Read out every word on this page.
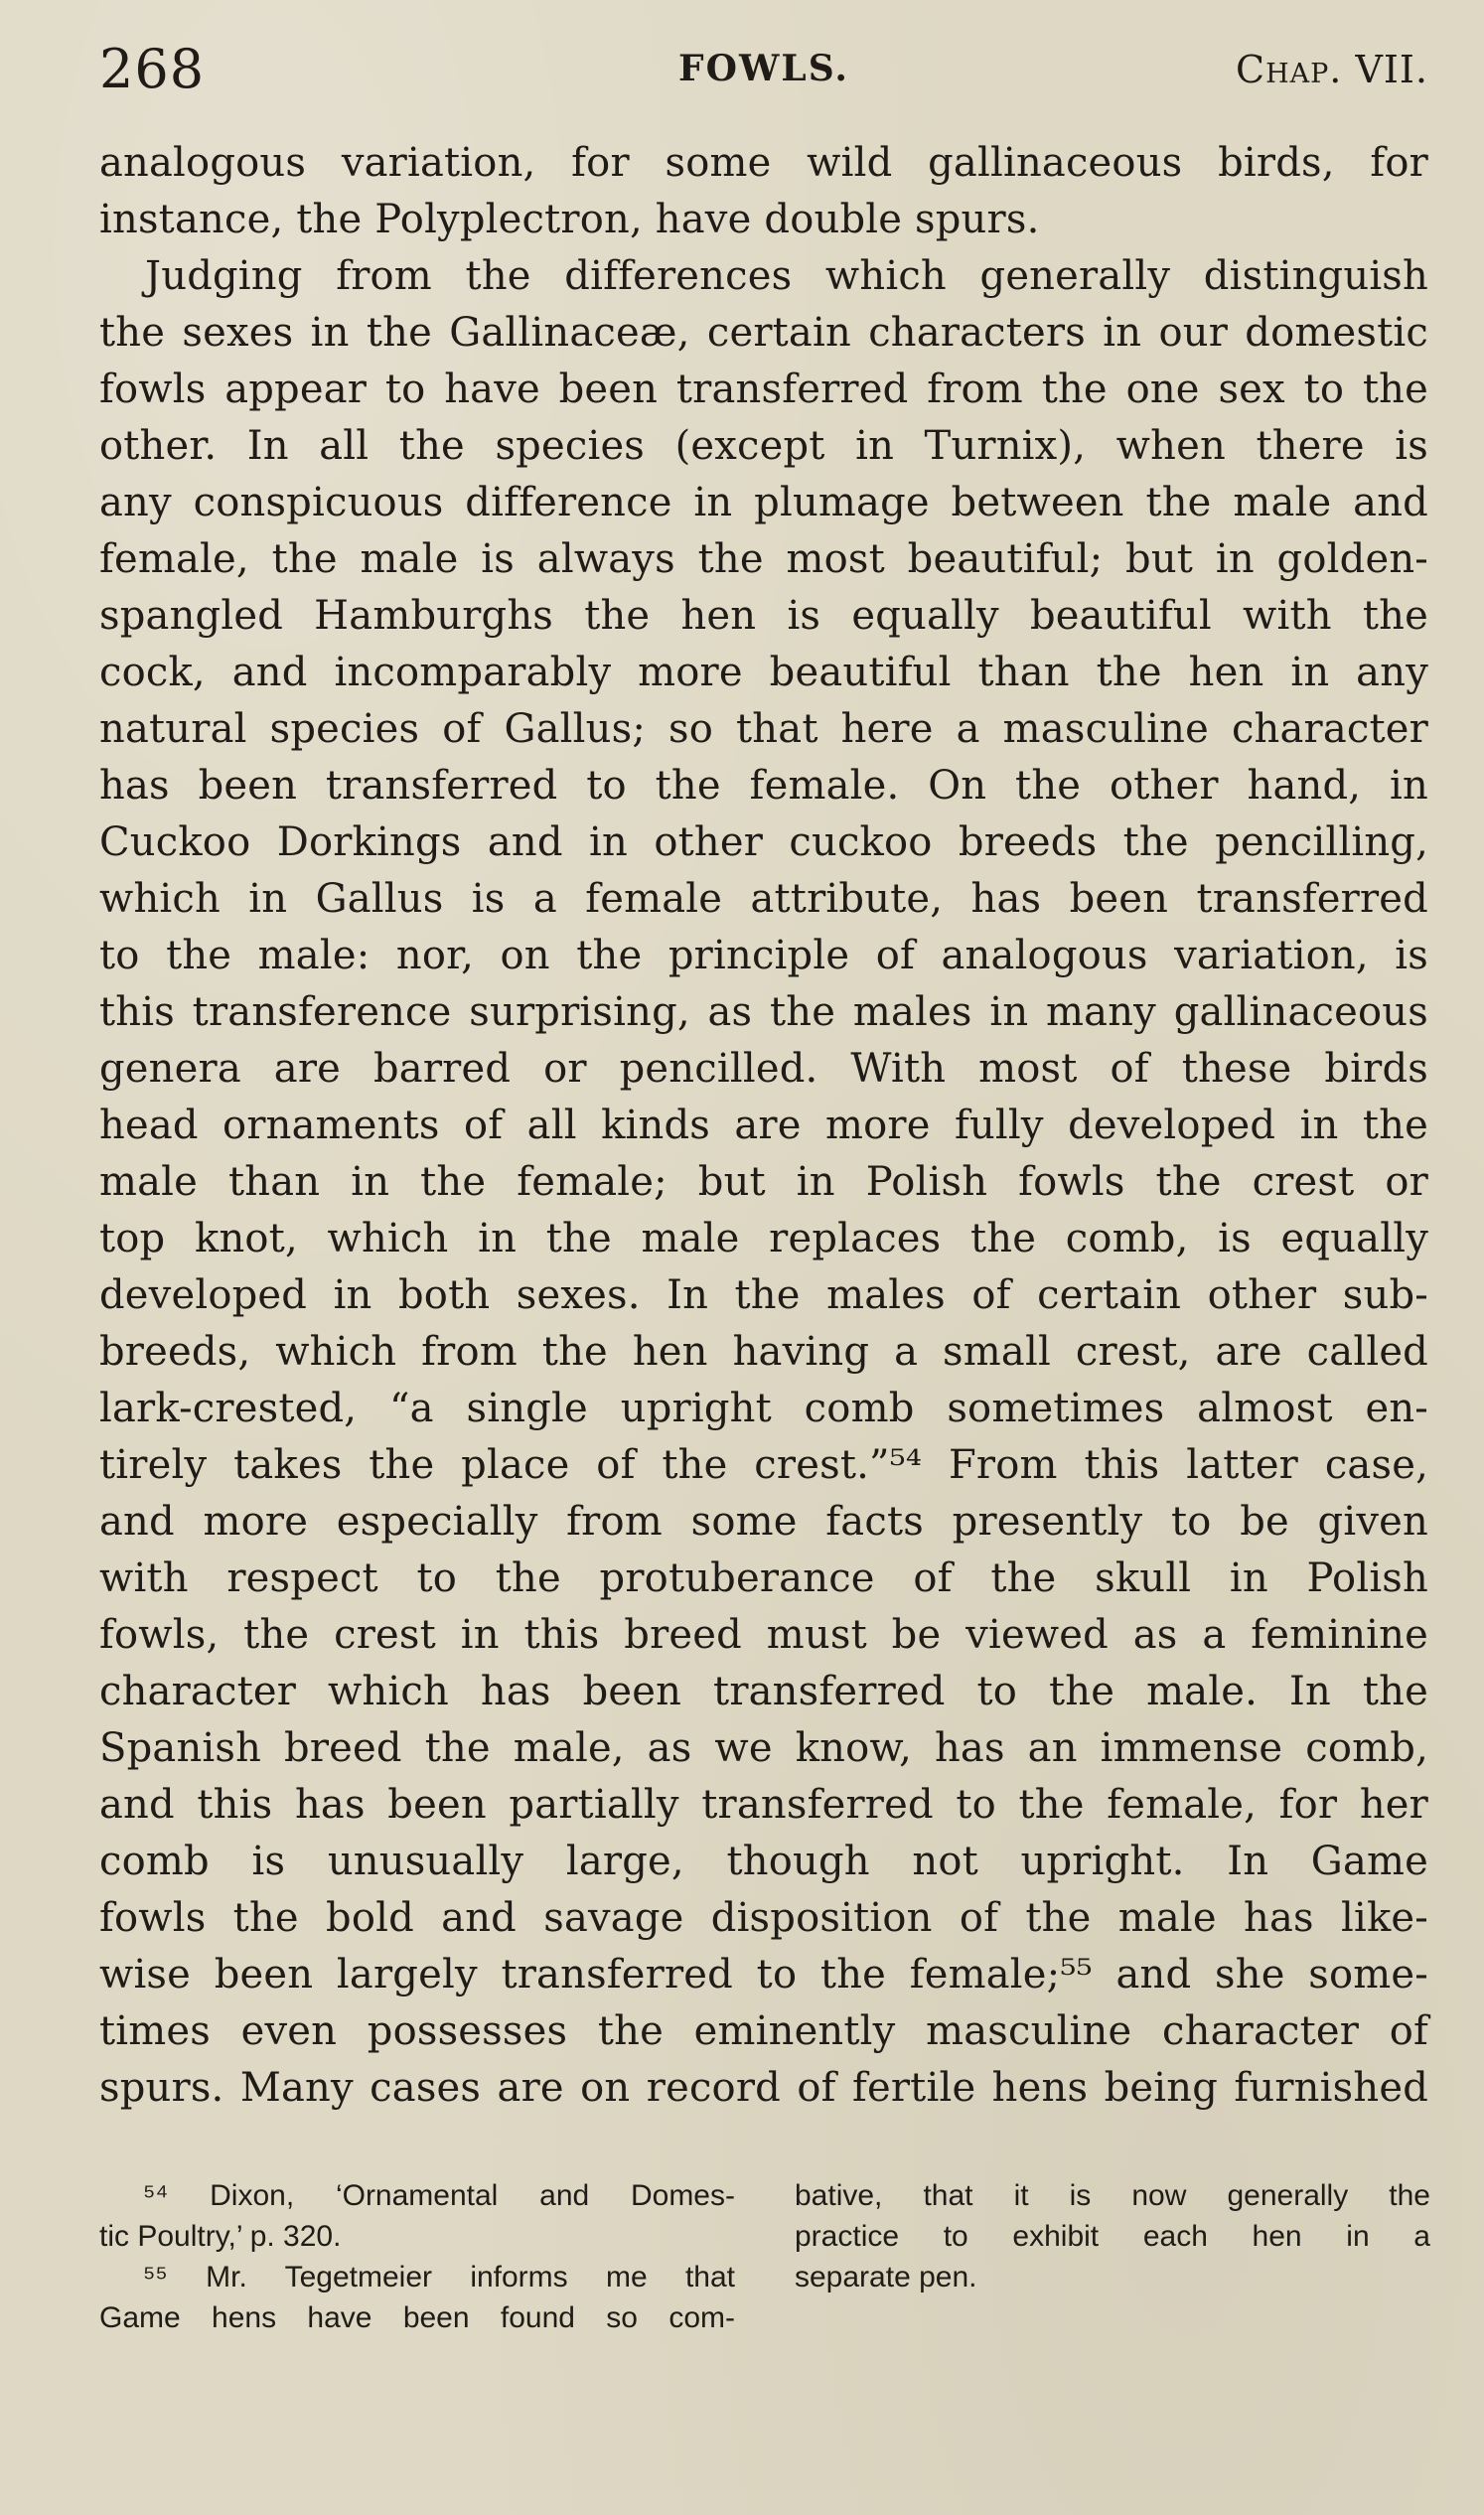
268	FOWLS.	Chap. VII.
analogous variation, for some wild gallinaceous birds, for
instance, the Polyplectron, have double spurs.
Judging from the differences which generally distinguish
the sexes in the Gallinaceæ, certain characters in our domestic
fowls appear to have been transferred from the one sex to the
other. In all the species (except in Turnix), when there is
any conspicuous difference in plumage between the male and
female, the male is always the most beautiful; but in golden-
spangled Hamburghs the hen is equally beautiful with the
cock, and incomparably more beautiful than the hen in any
natural species of Gallus; so that here a masculine character
has been transferred to the female. On the other hand, in
Cuckoo Dorkings and in other cuckoo breeds the pencilling,
which in Gallus is a female attribute, has been transferred
to the male: nor, on the principle of analogous variation, is
this transference surprising, as the males in many gallinaceous
genera are barred or pencilled. With most of these birds
head ornaments of all kinds are more fully developed in the
male than in the female; but in Polish fowls the crest or
top knot, which in the male replaces the comb, is equally
developed in both sexes. In the males of certain other sub-
breeds, which from the hen having a small crest, are called
lark-crested, “a single upright comb sometimes almost en-
tirely takes the place of the crest.”⁵⁴ From this latter case,
and more especially from some facts presently to be given
with respect to the protuberance of the skull in Polish
fowls, the crest in this breed must be viewed as a feminine
character which has been transferred to the male. In the
Spanish breed the male, as we know, has an immense comb,
and this has been partially transferred to the female, for her
comb is unusually large, though not upright. In Game
fowls the bold and savage disposition of the male has like-
wise been largely transferred to the female;⁵⁵ and she some-
times even possesses the eminently masculine character of
spurs. Many cases are on record of fertile hens being furnished
⁵⁴ Dixon, ‘Ornamental and Domes-
tic Poultry,’ p. 320.
⁵⁵ Mr. Tegetmeier informs me that
Game hens have been found so com-
bative, that it is now generally the
practice to exhibit each hen in a
separate pen.
